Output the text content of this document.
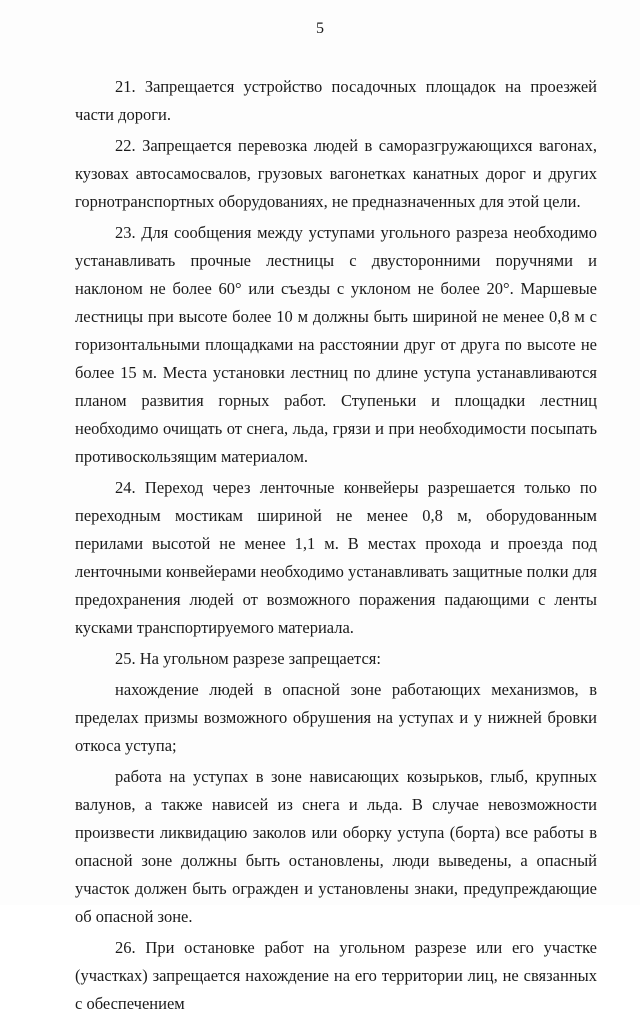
5

21. Запрещается устройство посадочных площадок на проезжей части дороги.

22. Запрещается перевозка людей в саморазгружающихся вагонах, кузовах автосамосвалов, грузовых вагонетках канатных дорог и других горнотранспортных оборудованиях, не предназначенных для этой цели.

23. Для сообщения между уступами угольного разреза необходимо устанавливать прочные лестницы с двусторонними поручнями и наклоном не более 60° или съезды с уклоном не более 20°. Маршевые лестницы при высоте более 10 м должны быть шириной не менее 0,8 м с горизонтальными площадками на расстоянии друг от друга по высоте не более 15 м. Места установки лестниц по длине уступа устанавливаются планом развития горных работ. Ступеньки и площадки лестниц необходимо очищать от снега, льда, грязи и при необходимости посыпать противоскользящим материалом.

24. Переход через ленточные конвейеры разрешается только по переходным мостикам шириной не менее 0,8 м, оборудованным перилами высотой не менее 1,1 м. В местах прохода и проезда под ленточными конвейерами необходимо устанавливать защитные полки для предохранения людей от возможного поражения падающими с ленты кусками транспортируемого материала.

25. На угольном разрезе запрещается:

нахождение людей в опасной зоне работающих механизмов, в пределах призмы возможного обрушения на уступах и у нижней бровки откоса уступа;

работа на уступах в зоне нависающих козырьков, глыб, крупных валунов, а также нависей из снега и льда. В случае невозможности произвести ликвидацию заколов или оборку уступа (борта) все работы в опасной зоне должны быть остановлены, люди выведены, а опасный участок должен быть огражден и установлены знаки, предупреждающие об опасной зоне.

26. При остановке работ на угольном разрезе или его участке (участках) запрещается нахождение на его территории лиц, не связанных с обеспечением
